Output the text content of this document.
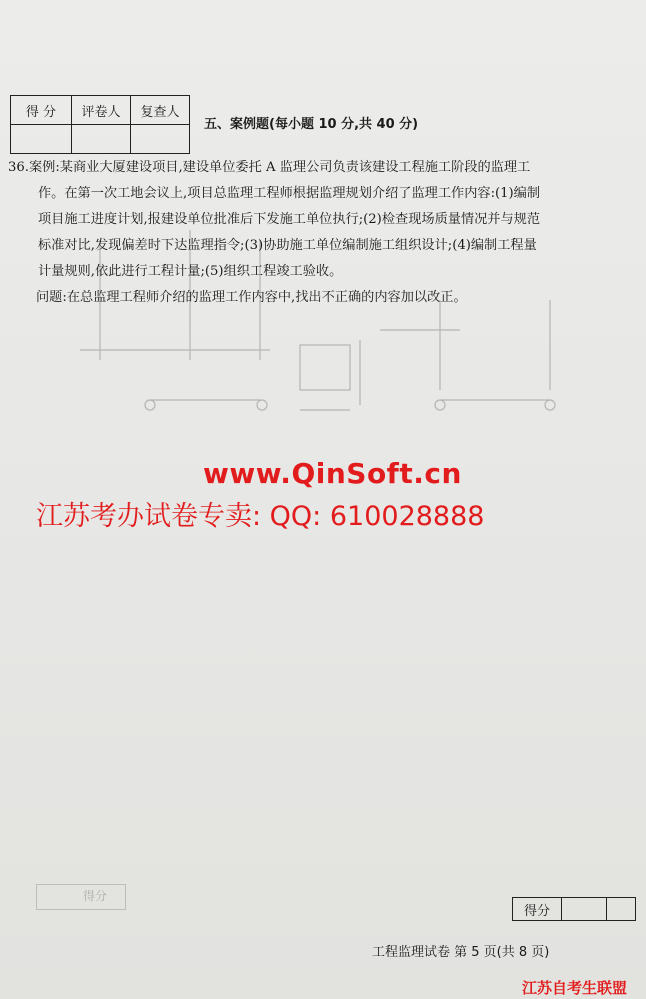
得 分	评卷人	复查人

五、案例题(每小题 10 分,共 40 分)

36.案例:某商业大厦建设项目,建设单位委托 A 监理公司负责该建设工程施工阶段的监理工

作。在第一次工地会议上,项目总监理工程师根据监理规划介绍了监理工作内容:(1)编制

项目施工进度计划,报建设单位批准后下发施工单位执行;(2)检查现场质量情况并与规范

标准对比,发现偏差时下达监理指令;(3)协助施工单位编制施工组织设计;(4)编制工程量

计量规则,依此进行工程计量;(5)组织工程竣工验收。

问题:在总监理工程师介绍的监理工作内容中,找出不正确的内容加以改正。

www.QinSoft.cn
江苏考办试卷专卖: QQ: 610028888
得分
得分		
工程监理试卷 第 5 页(共 8 页)
江苏自考生联盟
